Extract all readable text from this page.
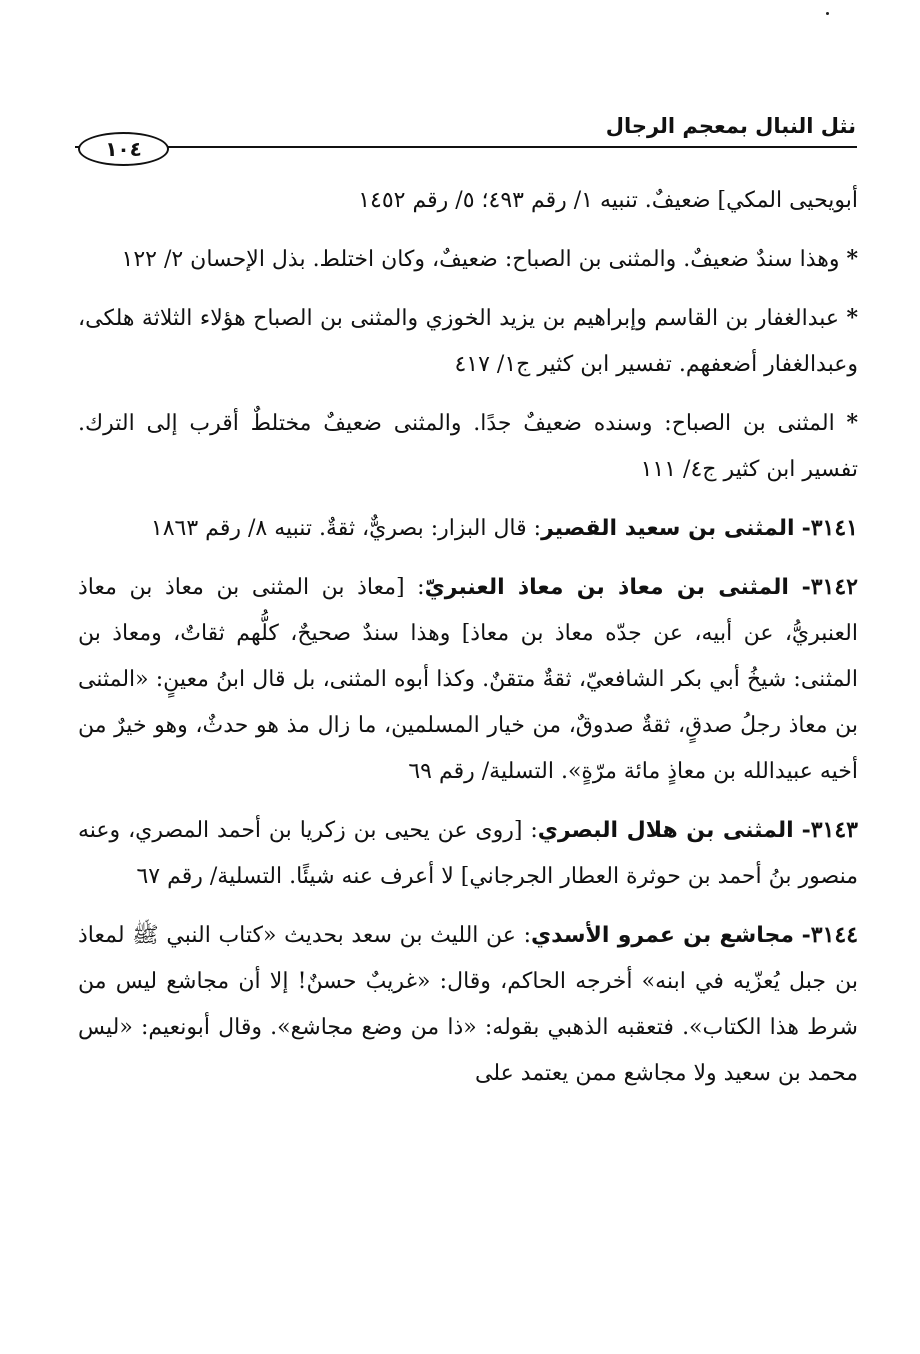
نثل النبال بمعجم الرجال
١٠٤

أبويحيى المكي] ضعيفٌ. تنبيه ١/ رقم ٤٩٣؛ ٥/ رقم ١٤٥٢

* وهذا سندٌ ضعيفٌ. والمثنى بن الصباح: ضعيفٌ، وكان اختلط. بذل الإحسان ٢/ ١٢٢

* عبدالغفار بن القاسم وإبراهيم بن يزيد الخوزي والمثنى بن الصباح هؤلاء الثلاثة هلكى، وعبدالغفار أضعفهم. تفسير ابن كثير ج١/ ٤١٧

* المثنى بن الصباح: وسنده ضعيفٌ جدًا. والمثنى ضعيفٌ مختلطٌ أقرب إلى الترك. تفسير ابن كثير ج٤/ ١١١

٣١٤١- المثنى بن سعيد القصير: قال البزار: بصريٌّ، ثقةٌ. تنبيه ٨/ رقم ١٨٦٣

٣١٤٢- المثنى بن معاذ بن معاذ العنبريّ: [معاذ بن المثنى بن معاذ بن معاذ العنبريُّ، عن أبيه، عن جدّه معاذ بن معاذ] وهذا سندٌ صحيحٌ، كلُّهم ثقاتٌ، ومعاذ بن المثنى: شيخُ أبي بكر الشافعيّ، ثقةٌ متقنٌ. وكذا أبوه المثنى، بل قال ابنُ معينٍ: «المثنى بن معاذ رجلُ صدقٍ، ثقةٌ صدوقٌ، من خيار المسلمين، ما زال مذ هو حدثٌ، وهو خيرٌ من أخيه عبيدالله بن معاذٍ مائة مرّةٍ». التسلية/ رقم ٦٩

٣١٤٣- المثنى بن هلال البصري: [روى عن يحيى بن زكريا بن أحمد المصري، وعنه منصور بنُ أحمد بن حوثرة العطار الجرجاني] لا أعرف عنه شيئًا. التسلية/ رقم ٦٧

٣١٤٤- مجاشع بن عمرو الأسدي: عن الليث بن سعد بحديث «كتاب النبي ﷺ لمعاذ بن جبل يُعزّيه في ابنه» أخرجه الحاكم، وقال: «غريبٌ حسنٌ! إلا أن مجاشع ليس من شرط هذا الكتاب». فتعقبه الذهبي بقوله: «ذا من وضع مجاشع». وقال أبونعيم: «ليس محمد بن سعيد ولا مجاشع ممن يعتمد على
